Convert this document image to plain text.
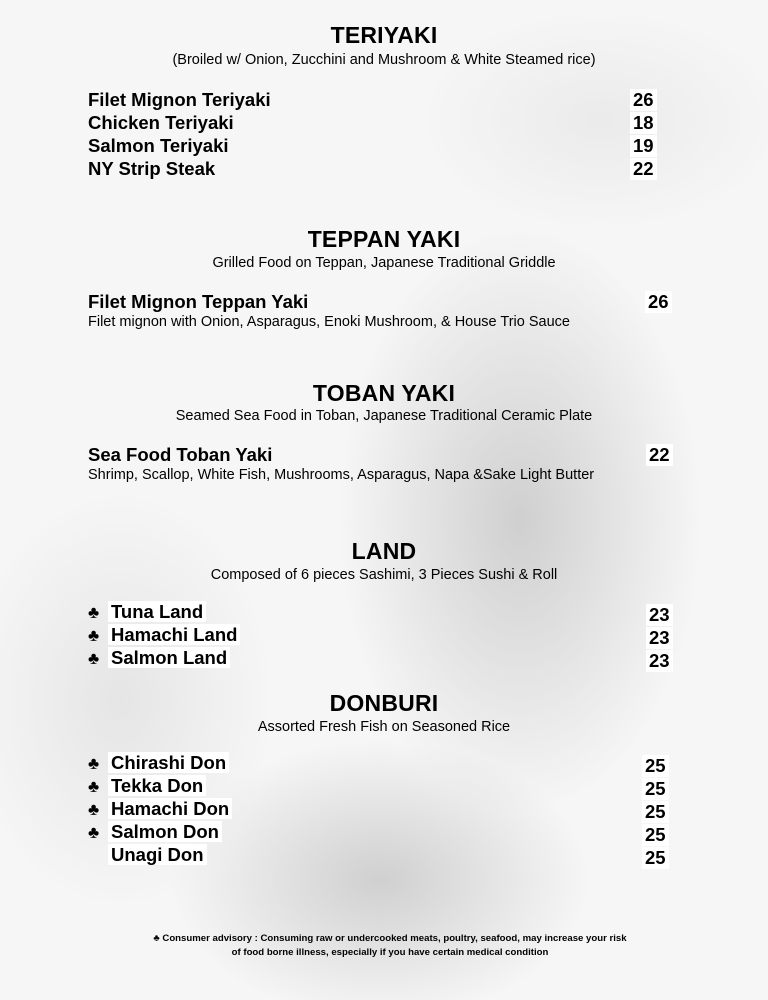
TERIYAKI
(Broiled w/ Onion, Zucchini and Mushroom & White Steamed rice)
Filet Mignon Teriyaki	26
Chicken Teriyaki	18
Salmon Teriyaki	19
NY Strip Steak	22
TEPPAN YAKI
Grilled Food on Teppan, Japanese Traditional Griddle
Filet Mignon Teppan Yaki	26
Filet mignon with Onion, Asparagus, Enoki Mushroom, & House Trio Sauce
TOBAN YAKI
Seamed Sea Food in Toban, Japanese Traditional Ceramic Plate
Sea Food Toban Yaki	22
Shrimp, Scallop, White Fish, Mushrooms, Asparagus, Napa &Sake Light Butter
LAND
Composed of 6 pieces Sashimi, 3 Pieces Sushi & Roll
♣ Tuna Land	23
♣ Hamachi Land	23
♣ Salmon Land	23
DONBURI
Assorted Fresh Fish on Seasoned Rice
♣ Chirashi Don	25
♣ Tekka Don	25
♣ Hamachi Don	25
♣ Salmon Don	25
Unagi Don	25
♣ Consumer advisory : Consuming raw or undercooked meats, poultry, seafood, may increase your risk
of food borne illness, especially if you have certain medical condition
